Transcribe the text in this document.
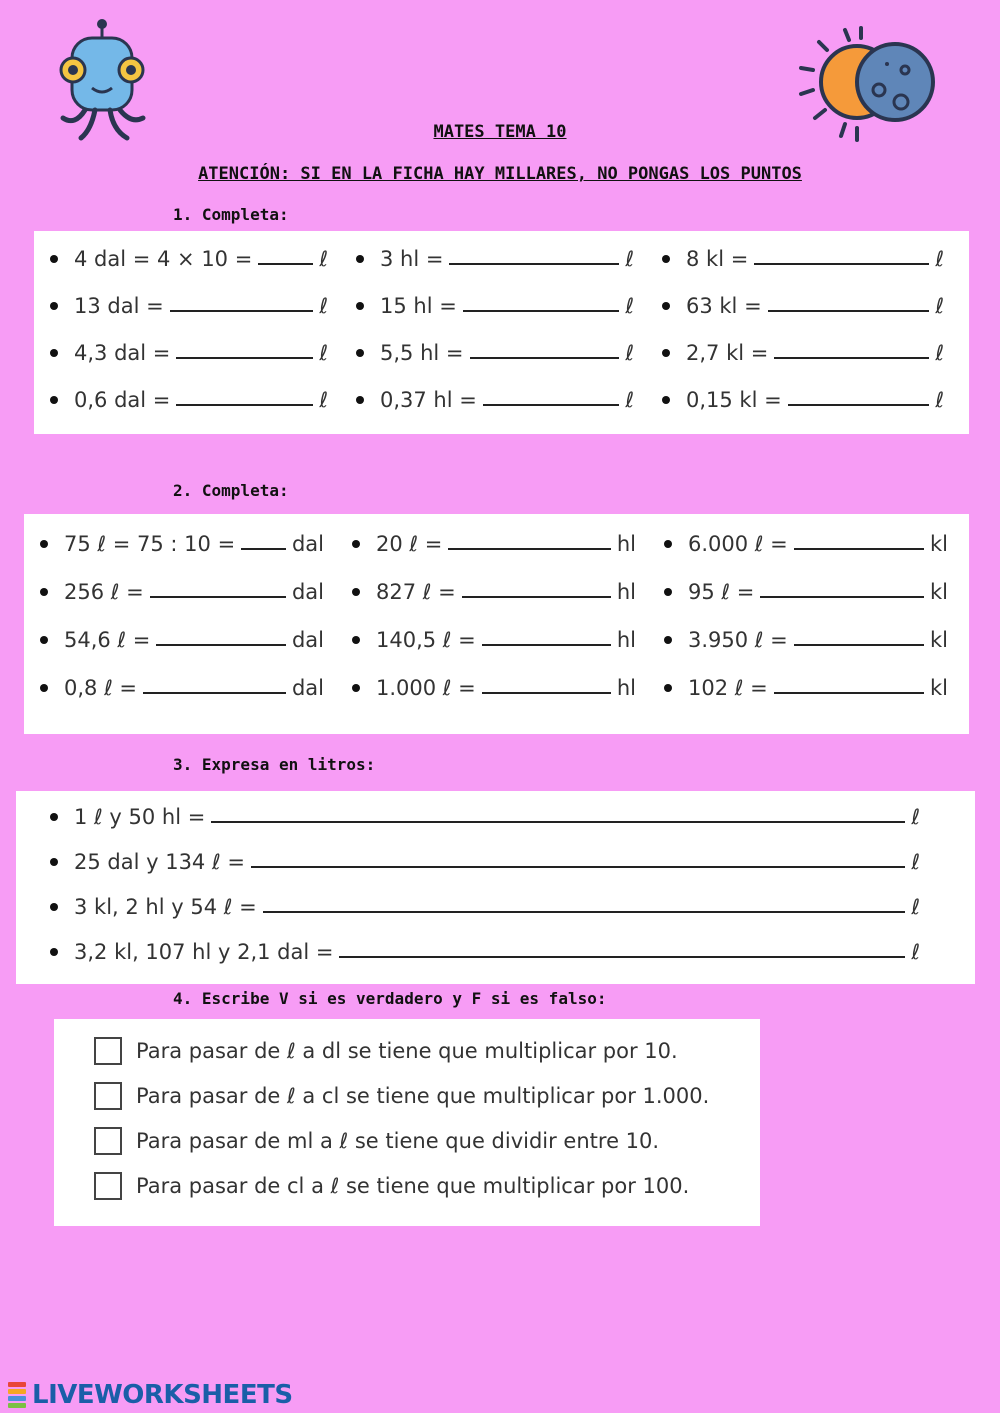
MATES TEMA 10
ATENCIÓN: SI EN LA FICHA HAY MILLARES, NO PONGAS LOS PUNTOS
1. Completa:
4 dal = 4 × 10 =	ℓ 3 hl =	ℓ 8 kl =	ℓ
13 dal =	ℓ 15 hl =	ℓ 63 kl =	ℓ
4,3 dal =	ℓ 5,5 hl =	ℓ 2,7 kl =	ℓ
0,6 dal =	ℓ 0,37 hl =	ℓ 0,15 kl =	ℓ
2. Completa:
75 ℓ = 75 : 10 =	dal 20 ℓ =	hl 6.000 ℓ =	kl
256 ℓ =	dal 827 ℓ =	hl 95 ℓ =	kl
54,6 ℓ =	dal 140,5 ℓ =	hl 3.950 ℓ =	kl
0,8 ℓ =	dal 1.000 ℓ =	hl 102 ℓ =	kl
3. Expresa en litros:
1 ℓ y 50 hl =	ℓ
25 dal y 134 ℓ =	ℓ
3 kl, 2 hl y 54 ℓ =	ℓ
3,2 kl, 107 hl y 2,1 dal =	ℓ
4. Escribe V si es verdadero y F si es falso:
Para pasar de ℓ a dl se tiene que multiplicar por 10.
Para pasar de ℓ a cl se tiene que multiplicar por 1.000.
Para pasar de ml a ℓ se tiene que dividir entre 10.
Para pasar de cl a ℓ se tiene que multiplicar por 100.
LIVEWORKSHEETS
